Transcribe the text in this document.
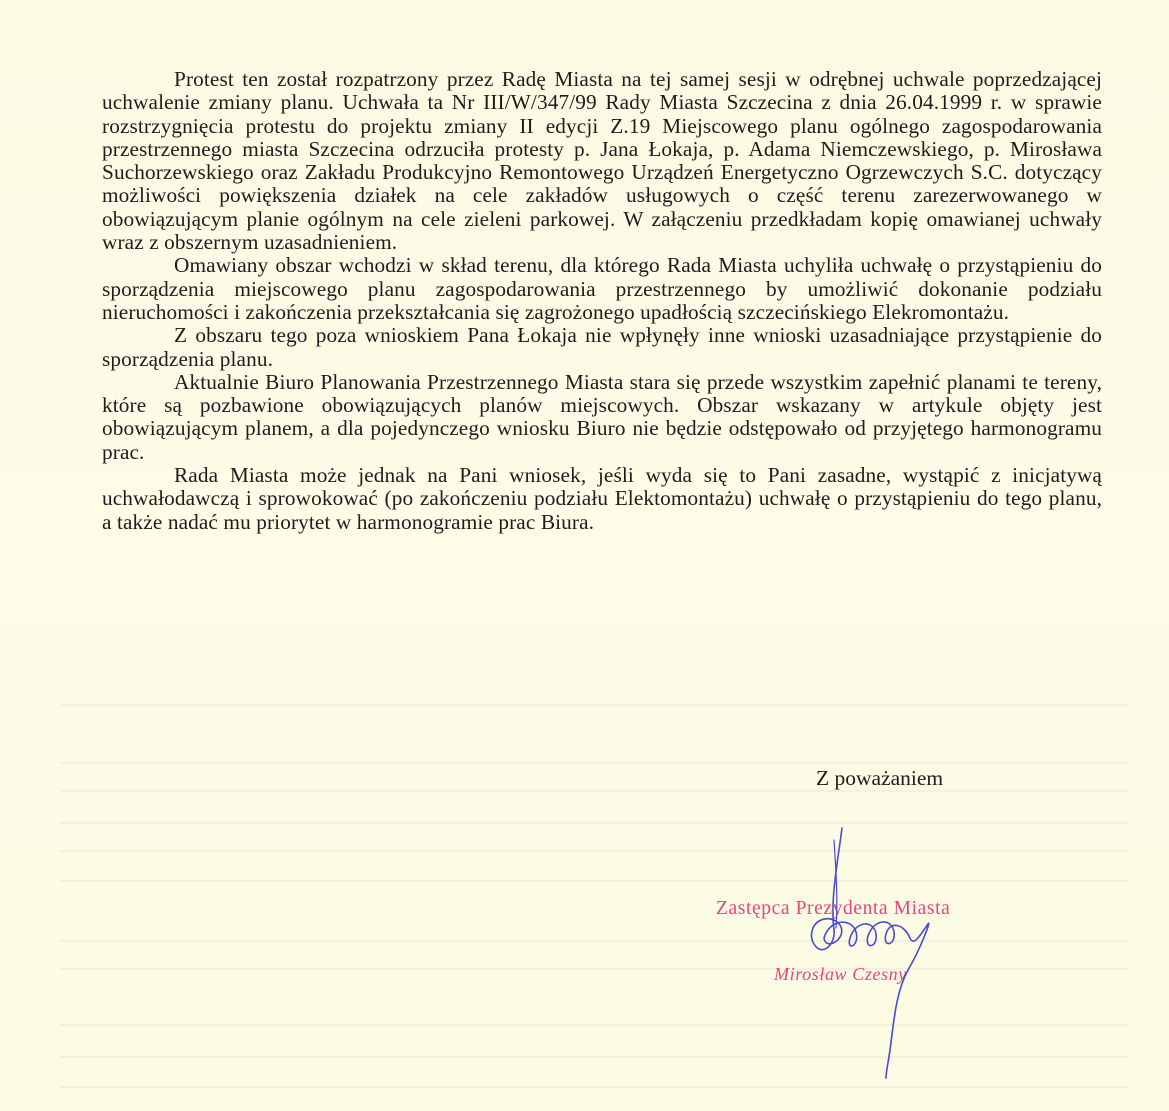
Protest ten został rozpatrzony przez Radę Miasta na tej samej sesji w odrębnej uchwale poprzedzającej uchwalenie zmiany planu. Uchwała ta Nr III/W/347/99 Rady Miasta Szczecina z dnia 26.04.1999 r. w sprawie rozstrzygnięcia protestu do projektu zmiany II edycji Z.19 Miejscowego planu ogólnego zagospodarowania przestrzennego miasta Szczecina odrzuciła protesty p. Jana Łokaja, p. Adama Niemczewskiego, p. Mirosława Suchorzewskiego oraz Zakładu Produkcyjno Remontowego Urządzeń Energetyczno Ogrzewczych S.C. dotyczący możliwości powiększenia działek na cele zakładów usługowych o część terenu zarezerwowanego w obowiązującym planie ogólnym na cele zieleni parkowej. W załączeniu przedkładam kopię omawianej uchwały wraz z obszernym uzasadnieniem.

Omawiany obszar wchodzi w skład terenu, dla którego Rada Miasta uchyliła uchwałę o przystąpieniu do sporządzenia miejscowego planu zagospodarowania przestrzennego by umożliwić dokonanie podziału nieruchomości i zakończenia przekształcania się zagrożonego upadłością szczecińskiego Elekromontażu.

Z obszaru tego poza wnioskiem Pana Łokaja nie wpłynęły inne wnioski uzasadniające przystąpienie do sporządzenia planu.

Aktualnie Biuro Planowania Przestrzennego Miasta stara się przede wszystkim zapełnić planami te tereny, które są pozbawione obowiązujących planów miejscowych. Obszar wskazany w artykule objęty jest obowiązującym planem, a dla pojedynczego wniosku Biuro nie będzie odstępowało od przyjętego harmonogramu prac.

Rada Miasta może jednak na Pani wniosek, jeśli wyda się to Pani zasadne, wystąpić z inicjatywą uchwałodawczą i sprowokować (po zakończeniu podziału Elektomontażu) uchwałę o przystąpieniu do tego planu, a także nadać mu priorytet w harmonogramie prac Biura.

Z poważaniem
Zastępca Prezydenta Miasta
Mirosław Czesny
